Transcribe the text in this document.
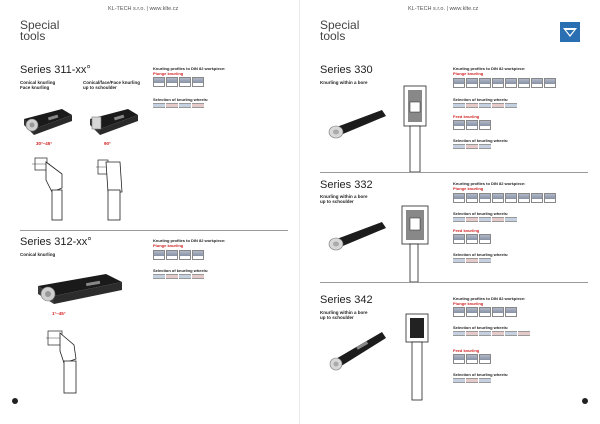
KL-TECH s.r.o. | www.klte.cz
Special
tools
Series 311-xx°
Conical knurling
Face knurling
Conical/face/Face knurling
up to schoulder
30°–45°	90°
Knurling profiles to DIN 82 workpiece:
Plunge knurling
Selection of knurling wheels:
Series 312-xx°
Conical knurling
1°–45°
Knurling profiles to DIN 82 workpiece:
Plunge knurling
Selection of knurling wheels:
KL-TECH s.r.o. | www.klte.cz
Special
tools
Series 330
Knurling within a bore
Knurling profiles to DIN 82 workpiece:
Plunge knurling
Selection of knurling wheels:
Feed knurling
Selection of knurling wheels:
Series 332
Knurling within a bore
up to schoulder
Knurling profiles to DIN 82 workpiece:
Plunge knurling
Selection of knurling wheels:
Feed knurling
Selection of knurling wheels:
Series 342
Knurling within a bore
up to schoulder
Knurling profiles to DIN 82 workpiece:
Plunge knurling
Selection of knurling wheels:
Feed knurling
Selection of knurling wheels:
